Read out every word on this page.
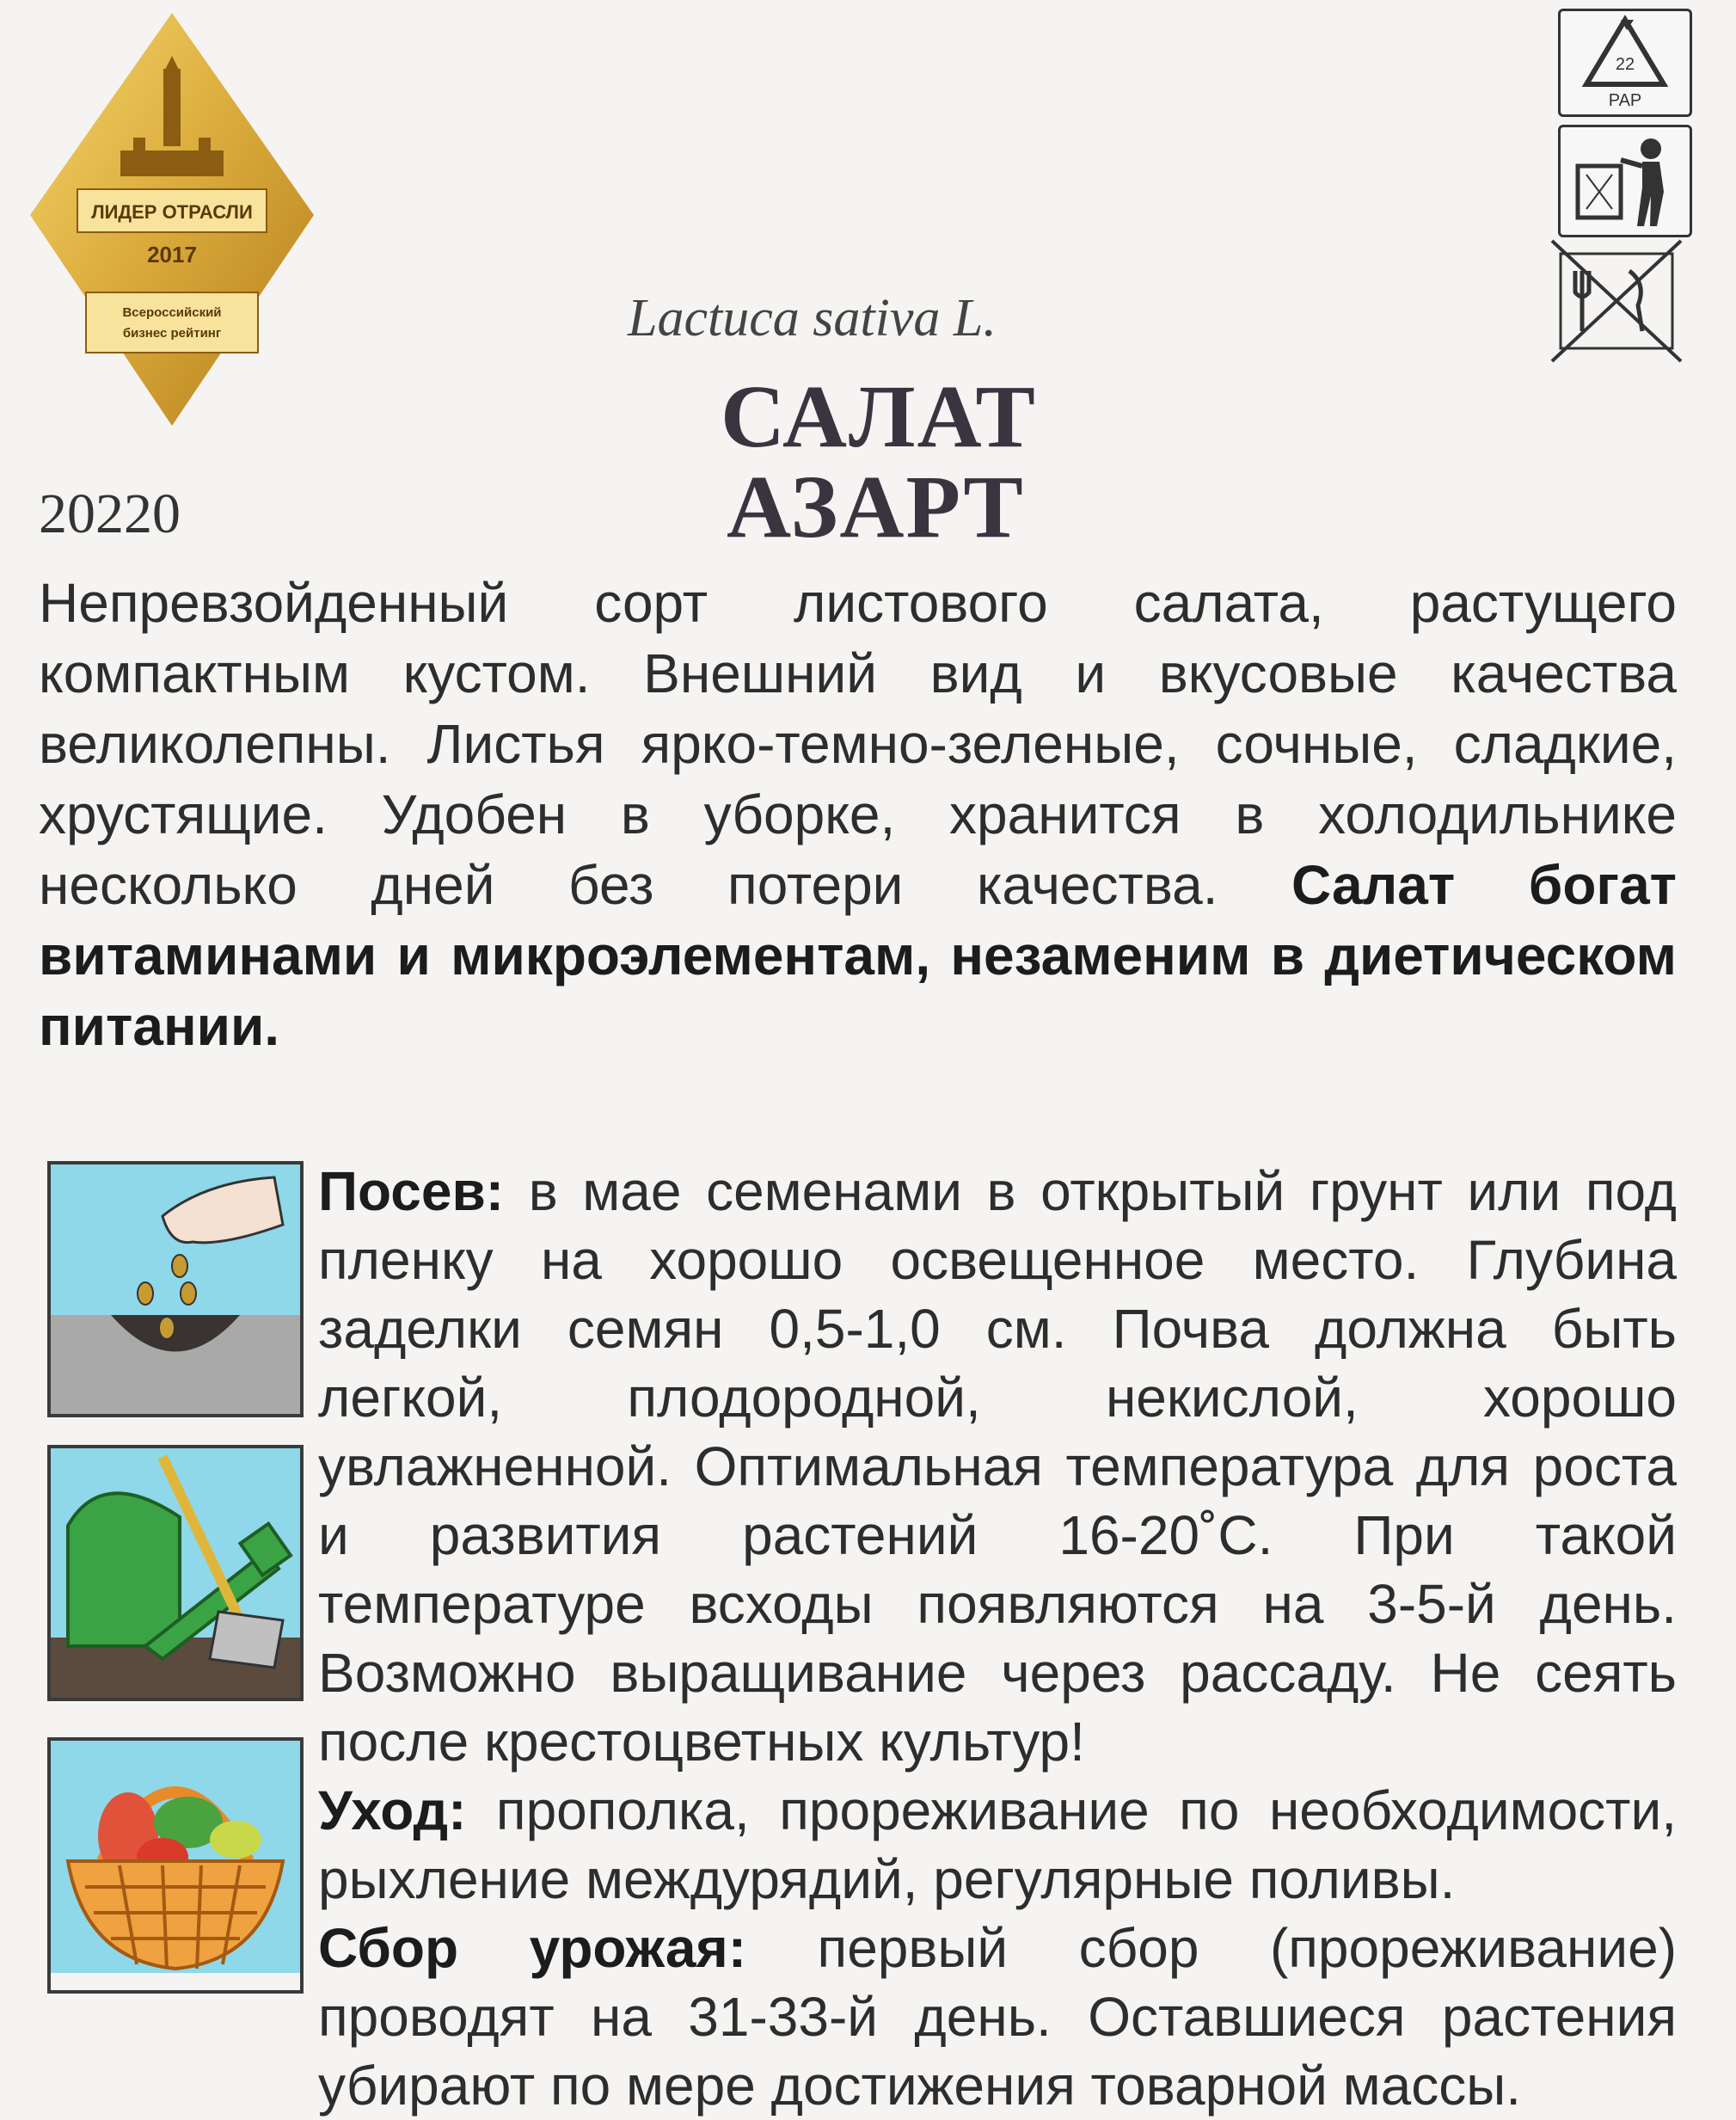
ЛИДЕР ОТРАСЛИ
2017
Всероссийский
бизнес рейтинг
22
PAP
Lactuca sativa L.
САЛАТ
АЗАРТ
20220
Непревзойденный сорт листового салата, растущего компактным кустом. Внешний вид и вкусовые качества великолепны. Листья ярко-темно-зеленые, сочные, сладкие, хрустящие. Удобен в уборке, хранится в холодильнике несколько дней без потери качества. Салат богат витаминами и микроэлементам, незаменим в диетическом питании.

Посев: в мае семенами в открытый грунт или под пленку на хорошо освещенное место. Глубина заделки семян 0,5-1,0 см. Почва должна быть легкой, плодородной, некислой, хорошо увлажненной. Оптимальная температура для роста и развития растений 16-20˚С. При такой температуре всходы появляются на 3-5-й день. Возможно выращивание через рассаду. Не сеять после крестоцветных культур!

Уход: прополка, прореживание по необходимости, рыхление междурядий, регулярные поливы.

Сбор урожая: первый сбор (прореживание) проводят на 31-33-й день. Оставшиеся растения убирают по мере достижения товарной массы.
